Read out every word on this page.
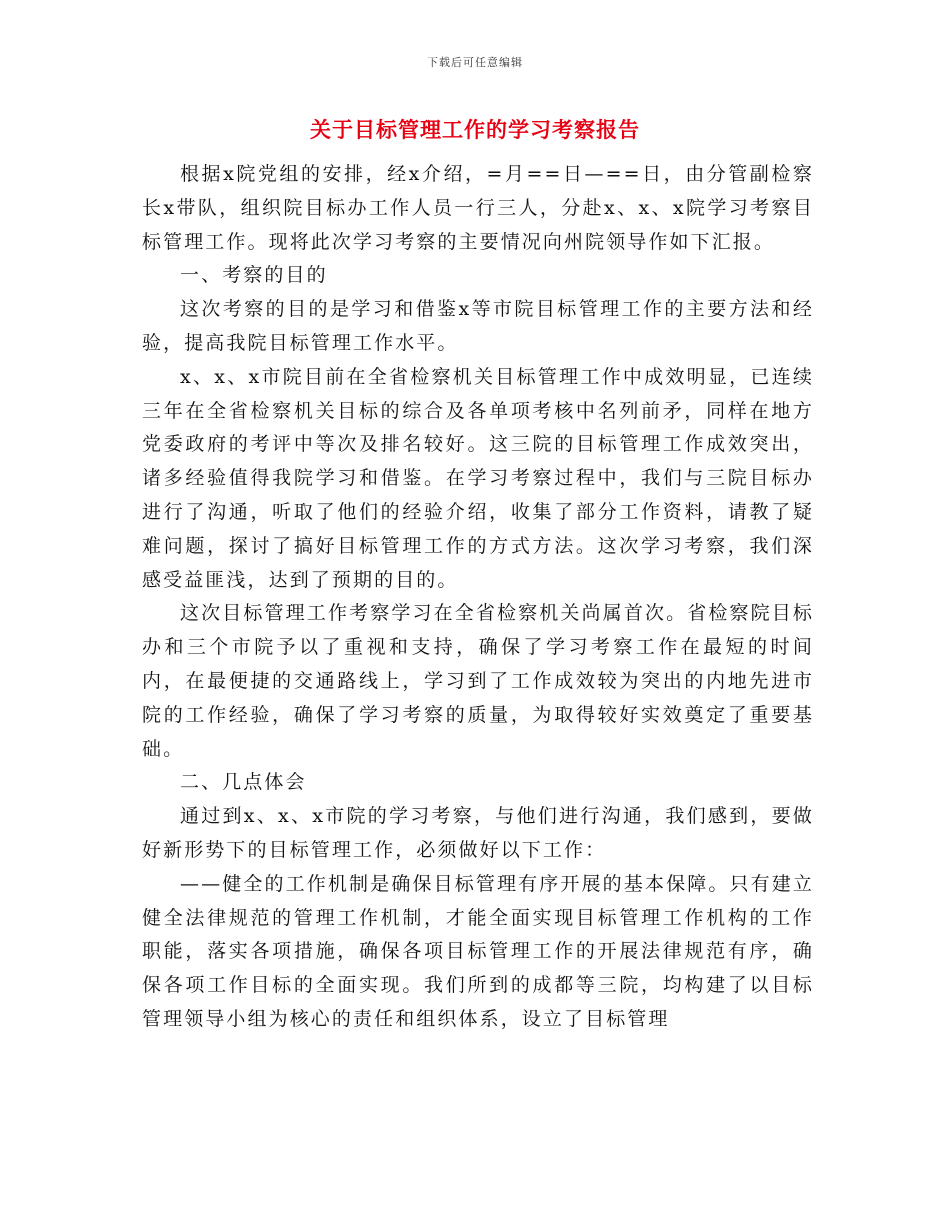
下载后可任意编辑
关于目标管理工作的学习考察报告

根据x院党组的安排，经x介绍，=月==日—==日，由分管副检察长x带队，组织院目标办工作人员一行三人，分赴x、x、x院学习考察目标管理工作。现将此次学习考察的主要情况向州院领导作如下汇报。

一、考察的目的

这次考察的目的是学习和借鉴x等市院目标管理工作的主要方法和经验，提高我院目标管理工作水平。

x、x、x市院目前在全省检察机关目标管理工作中成效明显，已连续三年在全省检察机关目标的综合及各单项考核中名列前矛，同样在地方党委政府的考评中等次及排名较好。这三院的目标管理工作成效突出，诸多经验值得我院学习和借鉴。在学习考察过程中，我们与三院目标办进行了沟通，听取了他们的经验介绍，收集了部分工作资料，请教了疑难问题，探讨了搞好目标管理工作的方式方法。这次学习考察，我们深感受益匪浅，达到了预期的目的。

这次目标管理工作考察学习在全省检察机关尚属首次。省检察院目标办和三个市院予以了重视和支持，确保了学习考察工作在最短的时间内，在最便捷的交通路线上，学习到了工作成效较为突出的内地先进市院的工作经验，确保了学习考察的质量，为取得较好实效奠定了重要基础。

二、几点体会

通过到x、x、x市院的学习考察，与他们进行沟通，我们感到，要做好新形势下的目标管理工作，必须做好以下工作：

——健全的工作机制是确保目标管理有序开展的基本保障。只有建立健全法律规范的管理工作机制，才能全面实现目标管理工作机构的工作职能，落实各项措施，确保各项目标管理工作的开展法律规范有序，确保各项工作目标的全面实现。我们所到的成都等三院，均构建了以目标管理领导小组为核心的责任和组织体系，设立了目标管理
